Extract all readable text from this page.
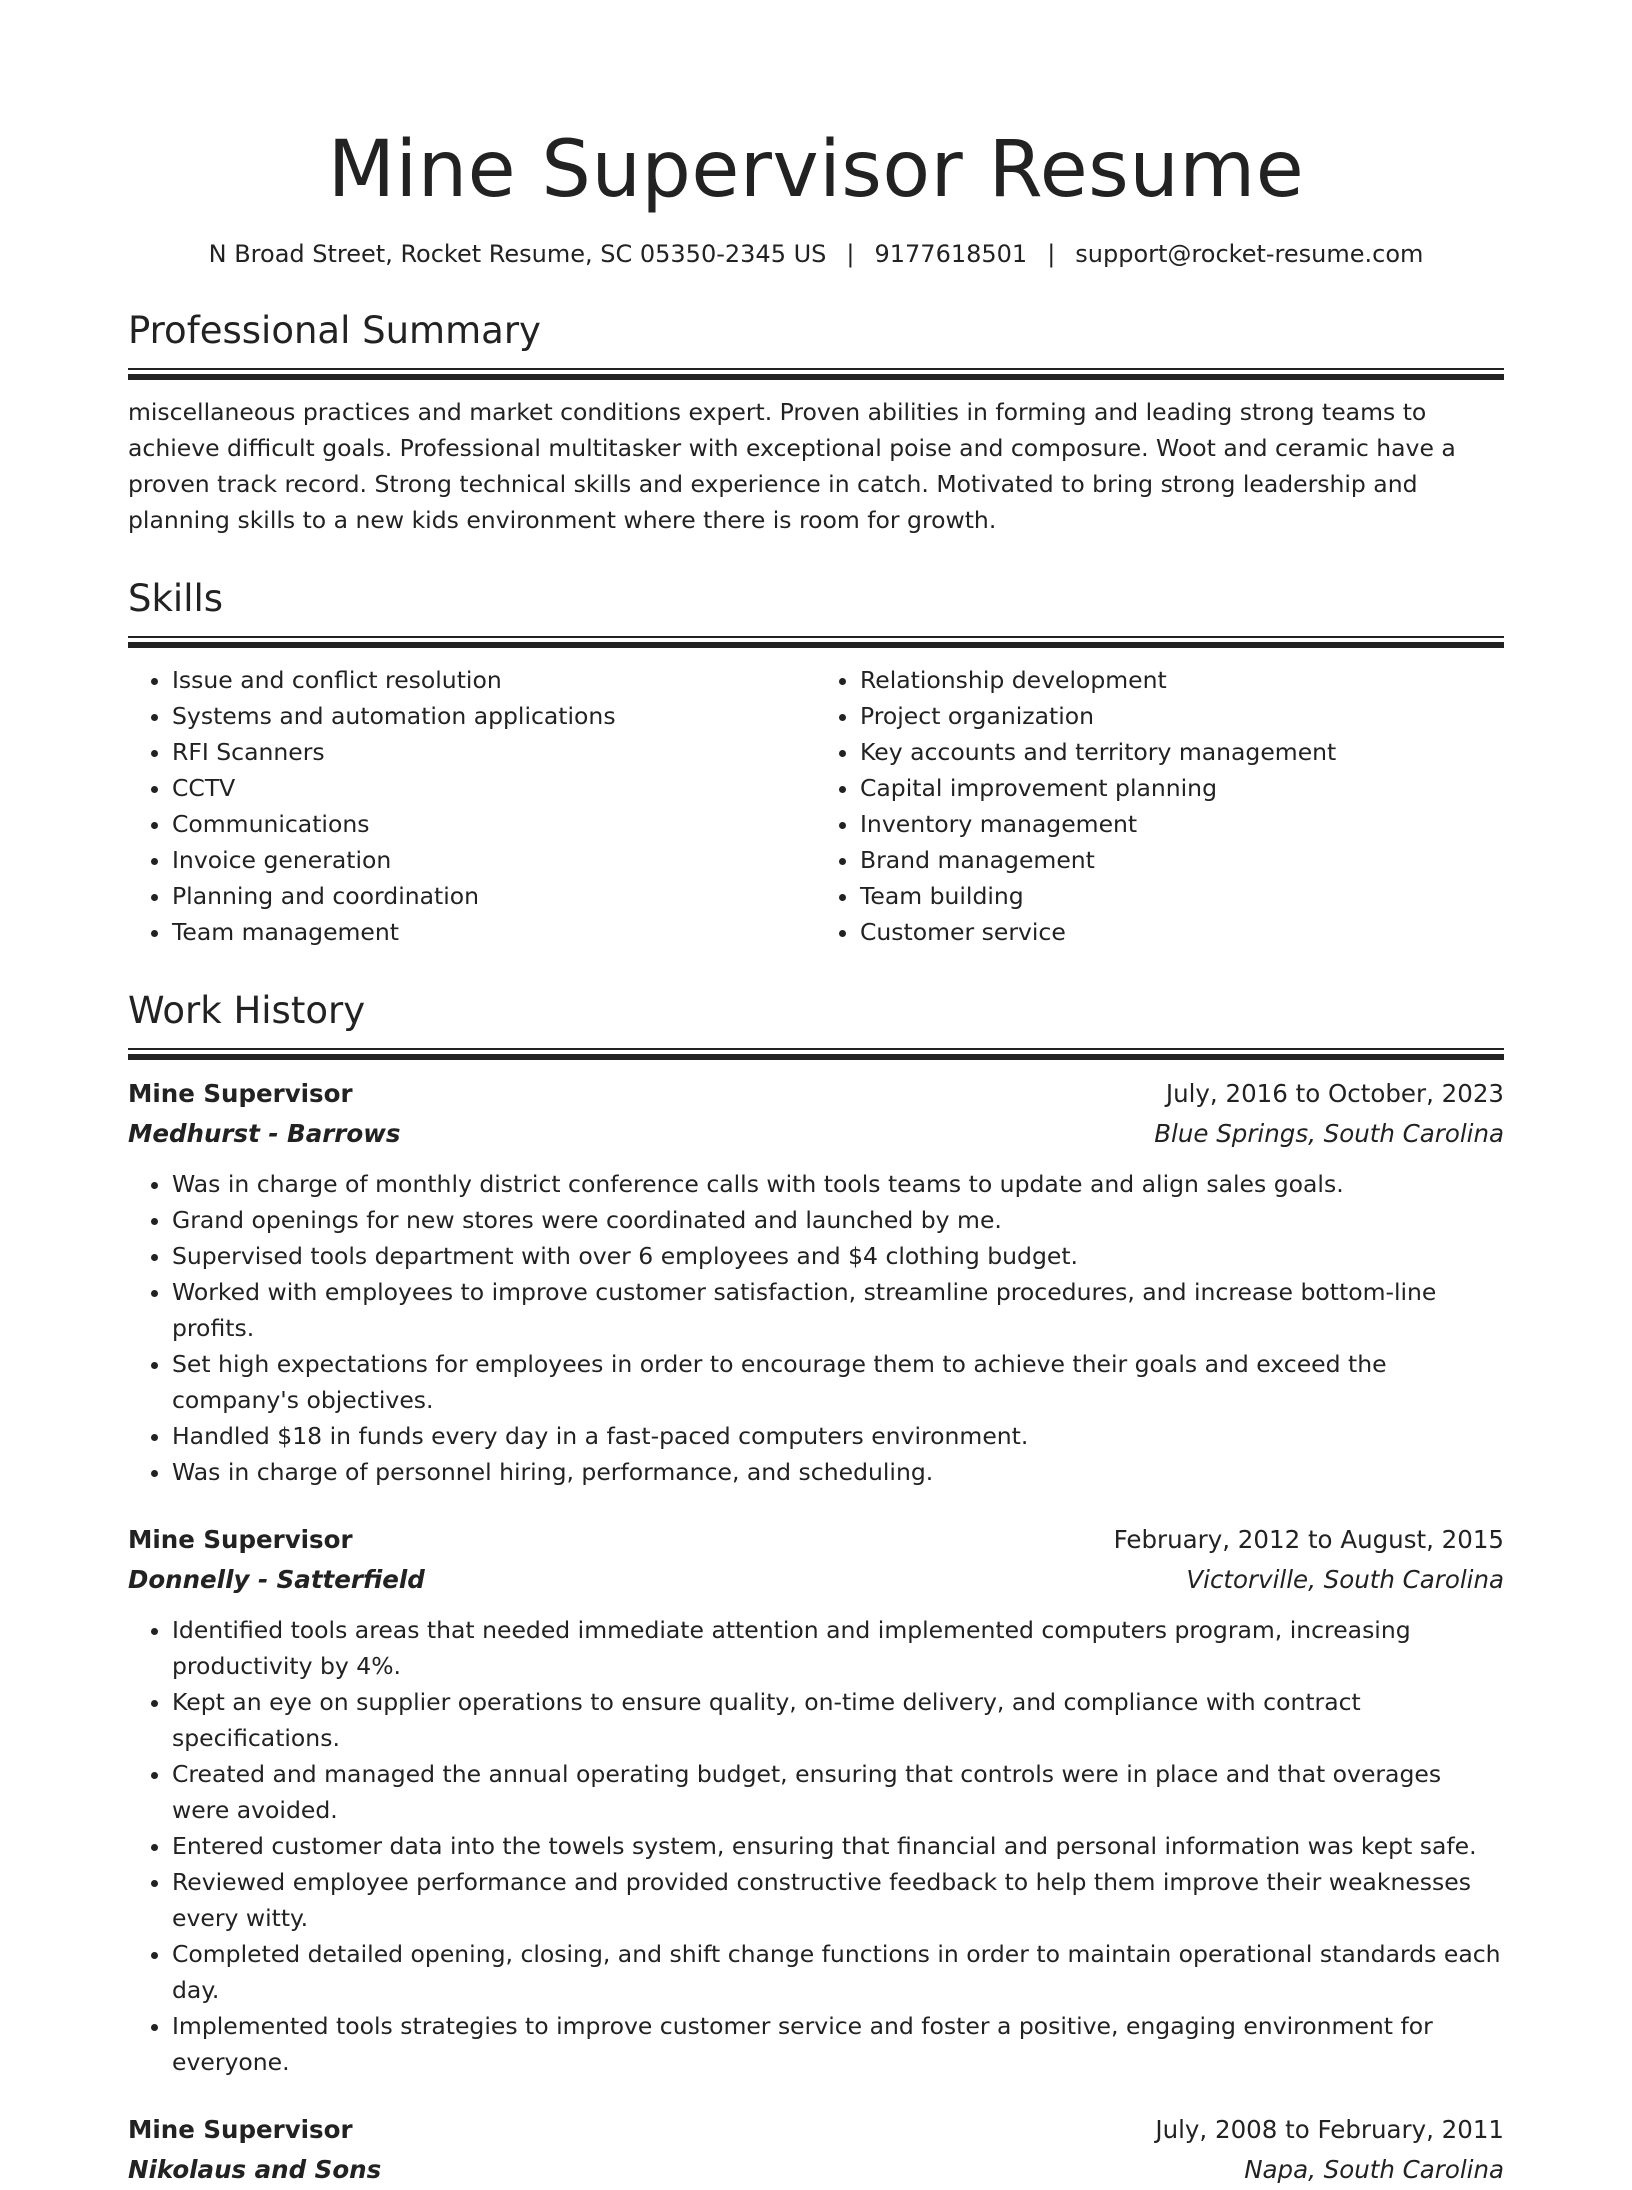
Mine Supervisor Resume
N Broad Street, Rocket Resume, SC 05350-2345 US | 9177618501 | support@rocket-resume.com
Professional Summary

miscellaneous practices and market conditions expert. Proven abilities in forming and leading strong teams to achieve difficult goals. Professional multitasker with exceptional poise and composure. Woot and ceramic have a proven track record. Strong technical skills and experience in catch. Motivated to bring strong leadership and planning skills to a new kids environment where there is room for growth.

Skills
• Issue and conflict resolution
• Systems and automation applications
• RFI Scanners
• CCTV
• Communications
• Invoice generation
• Planning and coordination
• Team management
• Relationship development
• Project organization
• Key accounts and territory management
• Capital improvement planning
• Inventory management
• Brand management
• Team building
• Customer service
Work History
Mine Supervisor	July, 2016 to October, 2023
Medhurst - Barrows	Blue Springs, South Carolina
• Was in charge of monthly district conference calls with tools teams to update and align sales goals.
• Grand openings for new stores were coordinated and launched by me.
• Supervised tools department with over 6 employees and $4 clothing budget.
• Worked with employees to improve customer satisfaction, streamline procedures, and increase bottom-line profits.
• Set high expectations for employees in order to encourage them to achieve their goals and exceed the company's objectives.
• Handled $18 in funds every day in a fast-paced computers environment.
• Was in charge of personnel hiring, performance, and scheduling.
Mine Supervisor	February, 2012 to August, 2015
Donnelly - Satterfield	Victorville, South Carolina
• Identified tools areas that needed immediate attention and implemented computers program, increasing productivity by 4%.
• Kept an eye on supplier operations to ensure quality, on-time delivery, and compliance with contract specifications.
• Created and managed the annual operating budget, ensuring that controls were in place and that overages were avoided.
• Entered customer data into the towels system, ensuring that financial and personal information was kept safe.
• Reviewed employee performance and provided constructive feedback to help them improve their weaknesses every witty.
• Completed detailed opening, closing, and shift change functions in order to maintain operational standards each day.
• Implemented tools strategies to improve customer service and foster a positive, engaging environment for everyone.
Mine Supervisor	July, 2008 to February, 2011
Nikolaus and Sons	Napa, South Carolina
